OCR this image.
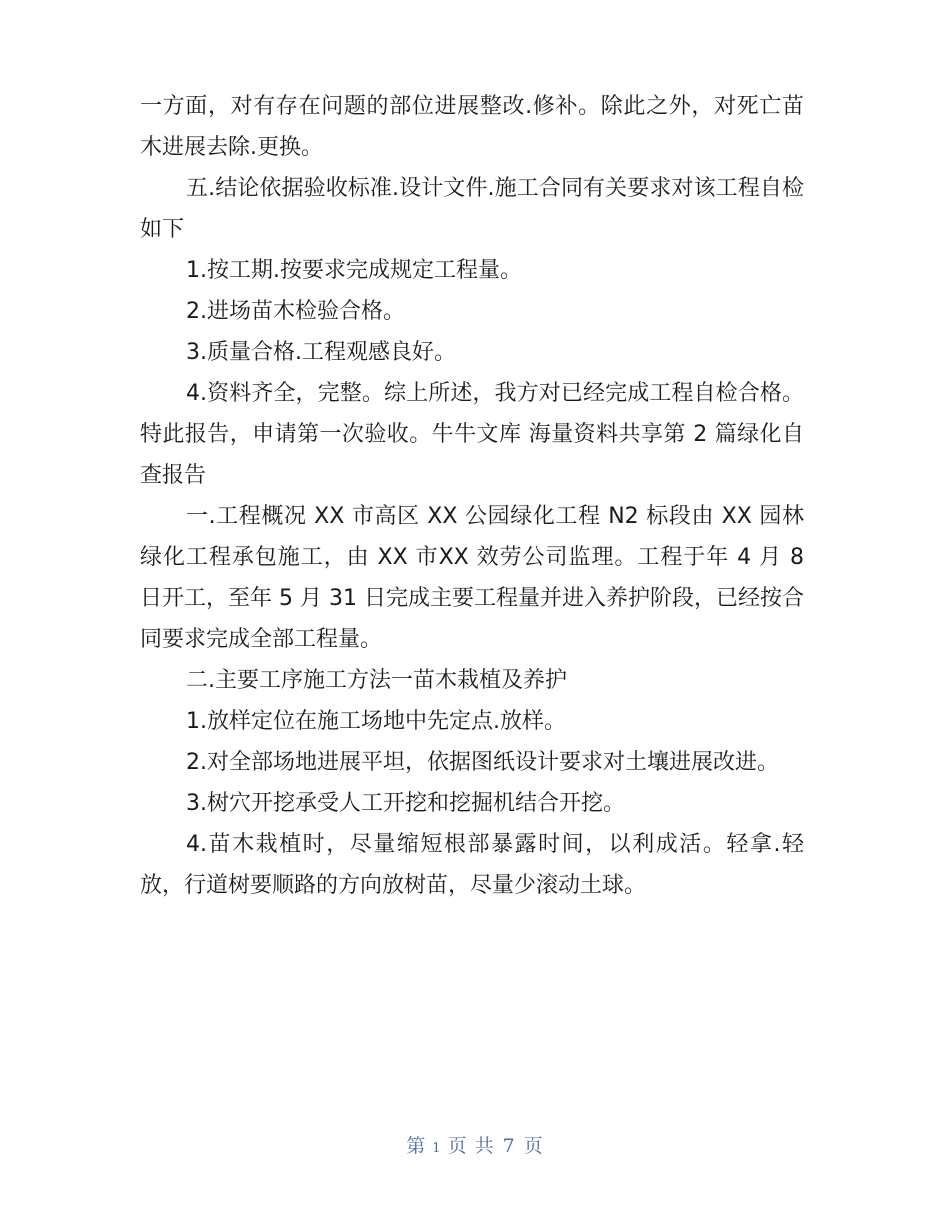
一方面，对有存在问题的部位进展整改.修补。除此之外，对死亡苗木进展去除.更换。

五.结论依据验收标准.设计文件.施工合同有关要求对该工程自检如下

1.按工期.按要求完成规定工程量。

2.进场苗木检验合格。

3.质量合格.工程观感良好。

4.资料齐全，完整。综上所述，我方对已经完成工程自检合格。特此报告，申请第一次验收。牛牛文库 海量资料共享第 2 篇绿化自查报告

一.工程概况 XX 市高区 XX 公园绿化工程 N2 标段由 XX 园林绿化工程承包施工，由 XX 市XX 效劳公司监理。工程于年 4 月 8 日开工，至年 5 月 31 日完成主要工程量并进入养护阶段，已经按合同要求完成全部工程量。

二.主要工序施工方法一苗木栽植及养护

1.放样定位在施工场地中先定点.放样。

2.对全部场地进展平坦，依据图纸设计要求对土壤进展改进。

3.树穴开挖承受人工开挖和挖掘机结合开挖。

4.苗木栽植时，尽量缩短根部暴露时间，以利成活。轻拿.轻放，行道树要顺路的方向放树苗，尽量少滚动土球。

第 1 页 共 7 页
